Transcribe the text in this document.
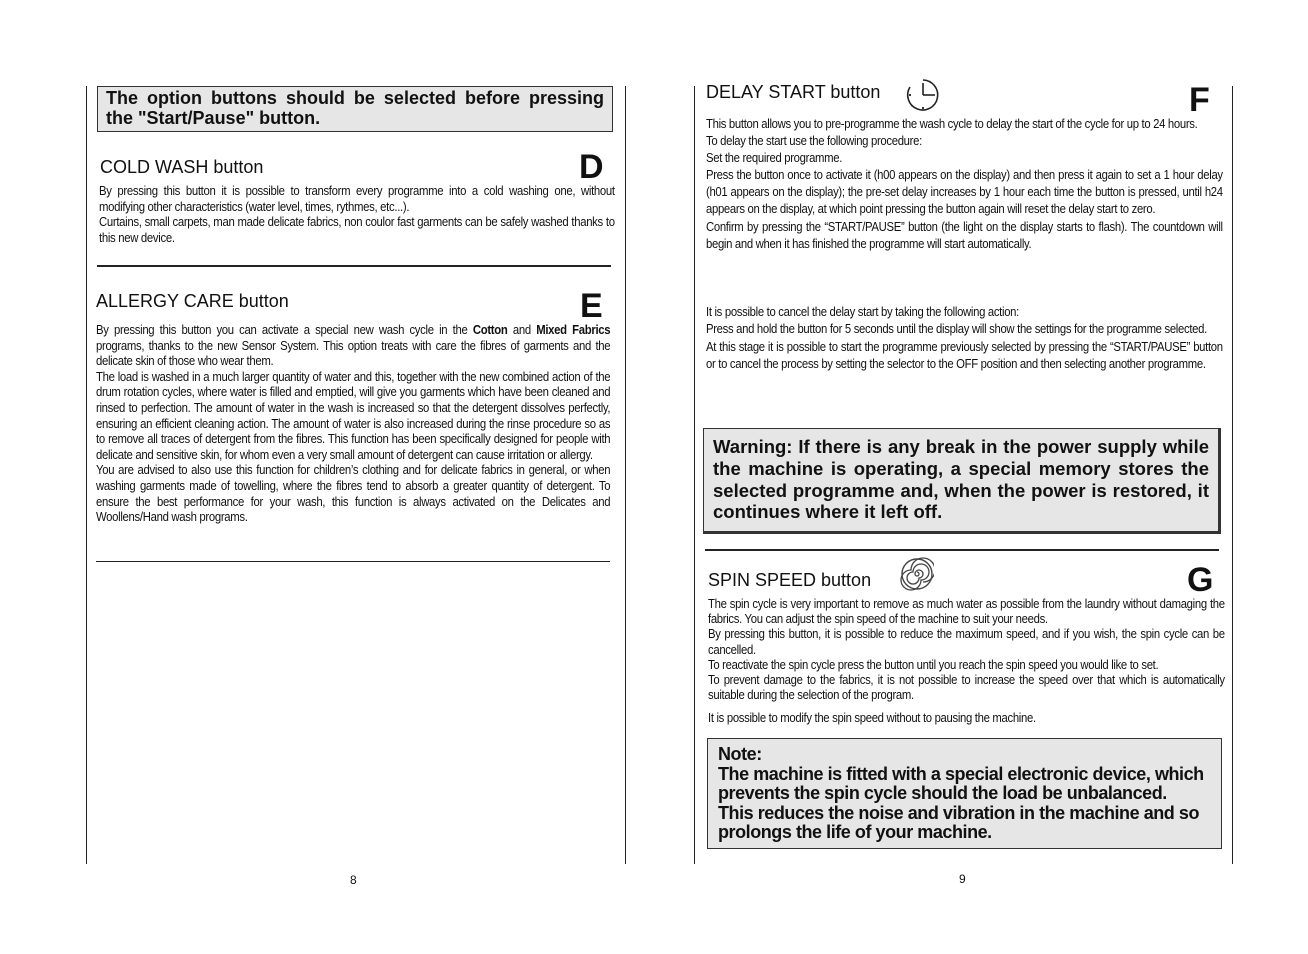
The option buttons should be selected before pressing the "Start/Pause" button.
COLD WASH button	D

By pressing this button it is possible to transform every programme into a cold washing one, without modifying other characteristics (water level, times, rythmes, etc...).

Curtains, small carpets, man made delicate fabrics, non coulor fast garments can be safely washed thanks to this new device.

ALLERGY CARE button	E

By pressing this button you can activate a special new wash cycle in the Cotton and Mixed Fabrics programs, thanks to the new Sensor System. This option treats with care the fibres of garments and the delicate skin of those who wear them.

The load is washed in a much larger quantity of water and this, together with the new combined action of the drum rotation cycles, where water is filled and emptied, will give you garments which have been cleaned and rinsed to perfection. The amount of water in the wash is increased so that the detergent dissolves perfectly, ensuring an efficient cleaning action. The amount of water is also increased during the rinse procedure so as to remove all traces of detergent from the fibres. This function has been specifically designed for people with delicate and sensitive skin, for whom even a very small amount of detergent can cause irritation or allergy.

You are advised to also use this function for children’s clothing and for delicate fabrics in general, or when washing garments made of towelling, where the fibres tend to absorb a greater quantity of detergent. To ensure the best performance for your wash, this function is always activated on the Delicates and Woollens/Hand wash programs.

8
DELAY START button	F

This button allows you to pre-programme the wash cycle to delay the start of the cycle for up to 24 hours.

To delay the start use the following procedure:

Set the required programme.

Press the button once to activate it (h00 appears on the display) and then press it again to set a 1 hour delay (h01 appears on the display); the pre-set delay increases by 1 hour each time the button is pressed, until h24 appears on the display, at which point pressing the button again will reset the delay start to zero.

Confirm by pressing the “START/PAUSE” button (the light on the display starts to flash). The countdown will begin and when it has finished the programme will start automatically.

It is possible to cancel the delay start by taking the following action:

Press and hold the button for 5 seconds until the display will show the settings for the programme selected.

At this stage it is possible to start the programme previously selected by pressing the “START/PAUSE” button or to cancel the process by setting the selector to the OFF position and then selecting another programme.

Warning: If there is any break in the power supply while the machine is operating, a special memory stores the selected programme and, when the power is restored, it continues where it left off.
SPIN SPEED button	G

The spin cycle is very important to remove as much water as possible from the laundry without damaging the fabrics. You can adjust the spin speed of the machine to suit your needs.

By pressing this button, it is possible to reduce the maximum speed, and if you wish, the spin cycle can be cancelled.

To reactivate the spin cycle press the button until you reach the spin speed you would like to set.

To prevent damage to the fabrics, it is not possible to increase the speed over that which is automatically suitable during the selection of the program.

It is possible to modify the spin speed without to pausing the machine.

Note:

The machine is fitted with a special electronic device, which prevents the spin cycle should the load be unbalanced.

This reduces the noise and vibration in the machine and so prolongs the life of your machine.

9
